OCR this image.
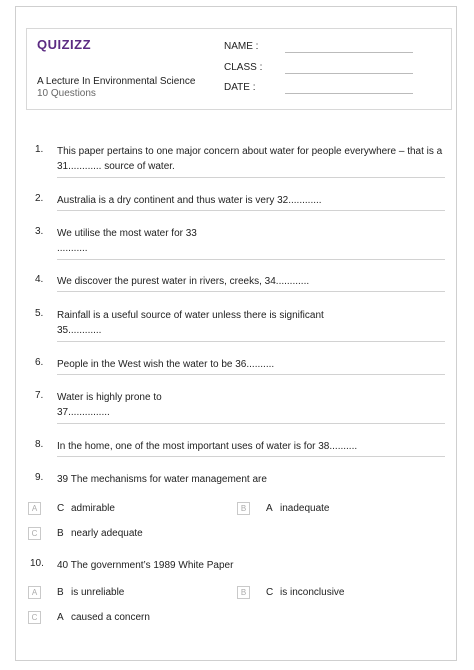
QUIZIZZ
A Lecture In Environmental Science
10 Questions
NAME :
CLASS :
DATE :
1. This paper pertains to one major concern about water for people everywhere – that is a 31............ source of water.
2. Australia is a dry continent and thus water is very 32............
3. We utilise the most water for 33 ...........
4. We discover the purest water in rivers, creeks, 34............
5. Rainfall is a useful source of water unless there is significant 35............
6. People in the West wish the water to be 36..........
7. Water is highly prone to 37...............
8. In the home, one of the most important uses of water is for 38..........
9. 39 The mechanisms for water management are
A	C admirable	B	A inadequate
C	B nearly adequate
10. 40 The government’s 1989 White Paper
A	B is unreliable	B	C is inconclusive
C	A caused a concern
